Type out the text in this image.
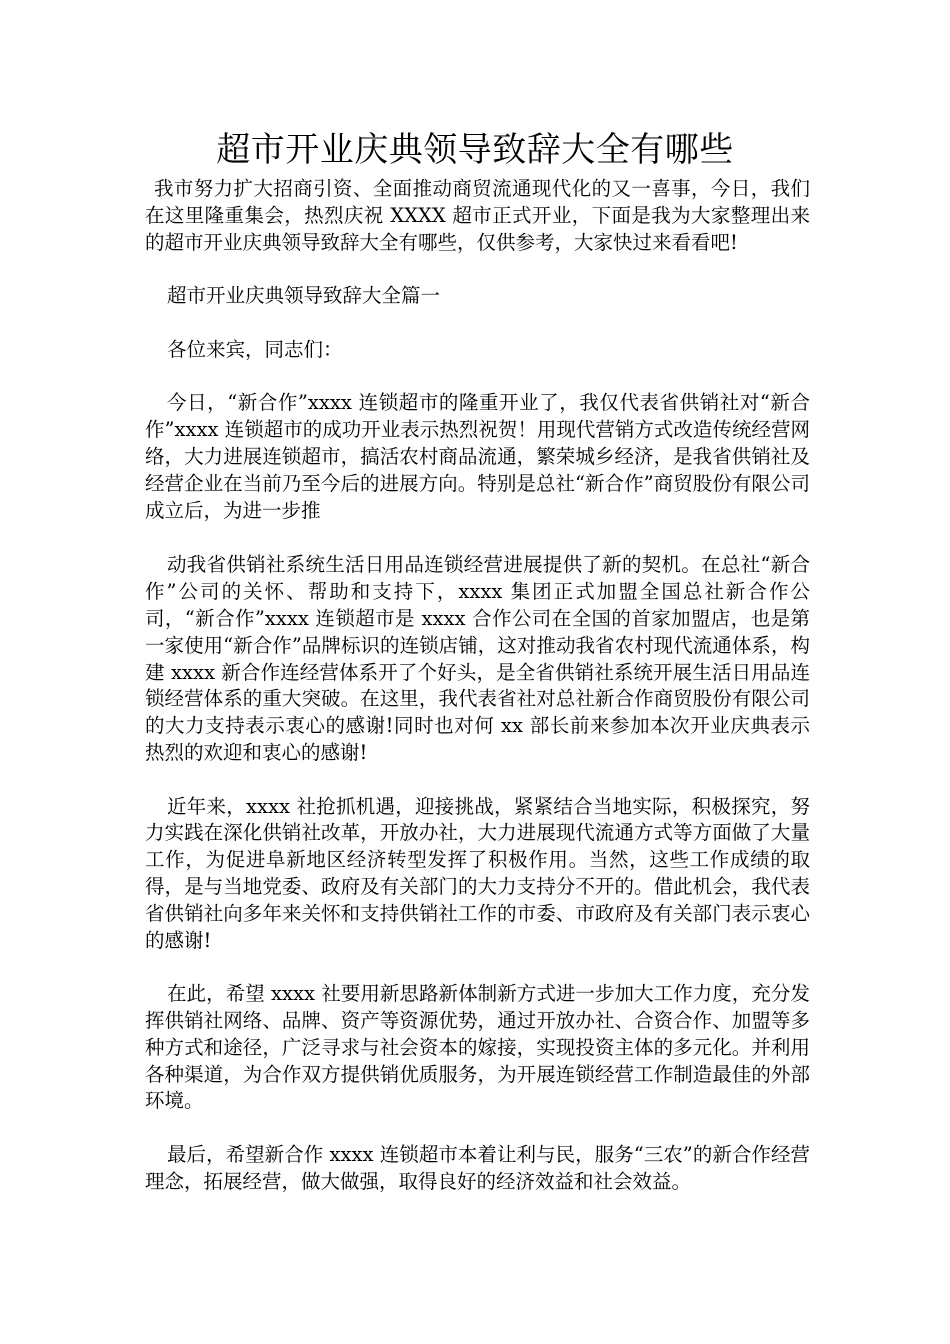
超市开业庆典领导致辞大全有哪些

我市努力扩大招商引资、全面推动商贸流通现代化的又一喜事，今日，我们在这里隆重集会，热烈庆祝 XXXX 超市正式开业，下面是我为大家整理出来的超市开业庆典领导致辞大全有哪些，仅供参考，大家快过来看看吧!

超市开业庆典领导致辞大全篇一

各位来宾，同志们：

今日，“新合作”xxxx 连锁超市的隆重开业了，我仅代表省供销社对“新合作”xxxx 连锁超市的成功开业表示热烈祝贺！用现代营销方式改造传统经营网络，大力进展连锁超市，搞活农村商品流通，繁荣城乡经济，是我省供销社及经营企业在当前乃至今后的进展方向。特别是总社“新合作”商贸股份有限公司成立后，为进一步推

动我省供销社系统生活日用品连锁经营进展提供了新的契机。在总社“新合作”公司的关怀、帮助和支持下，xxxx 集团正式加盟全国总社新合作公司，“新合作”xxxx 连锁超市是 xxxx 合作公司在全国的首家加盟店，也是第一家使用“新合作”品牌标识的连锁店铺，这对推动我省农村现代流通体系，构建 xxxx 新合作连经营体系开了个好头，是全省供销社系统开展生活日用品连锁经营体系的重大突破。在这里，我代表省社对总社新合作商贸股份有限公司的大力支持表示衷心的感谢!同时也对何 xx 部长前来参加本次开业庆典表示热烈的欢迎和衷心的感谢!

近年来，xxxx 社抢抓机遇，迎接挑战，紧紧结合当地实际，积极探究，努力实践在深化供销社改革，开放办社，大力进展现代流通方式等方面做了大量工作，为促进阜新地区经济转型发挥了积极作用。当然，这些工作成绩的取得，是与当地党委、政府及有关部门的大力支持分不开的。借此机会，我代表省供销社向多年来关怀和支持供销社工作的市委、市政府及有关部门表示衷心的感谢!

在此，希望 xxxx 社要用新思路新体制新方式进一步加大工作力度，充分发挥供销社网络、品牌、资产等资源优势，通过开放办社、合资合作、加盟等多种方式和途径，广泛寻求与社会资本的嫁接，实现投资主体的多元化。并利用各种渠道，为合作双方提供销优质服务，为开展连锁经营工作制造最佳的外部环境。

最后，希望新合作 xxxx 连锁超市本着让利与民，服务“三农”的新合作经营理念，拓展经营，做大做强，取得良好的经济效益和社会效益。
